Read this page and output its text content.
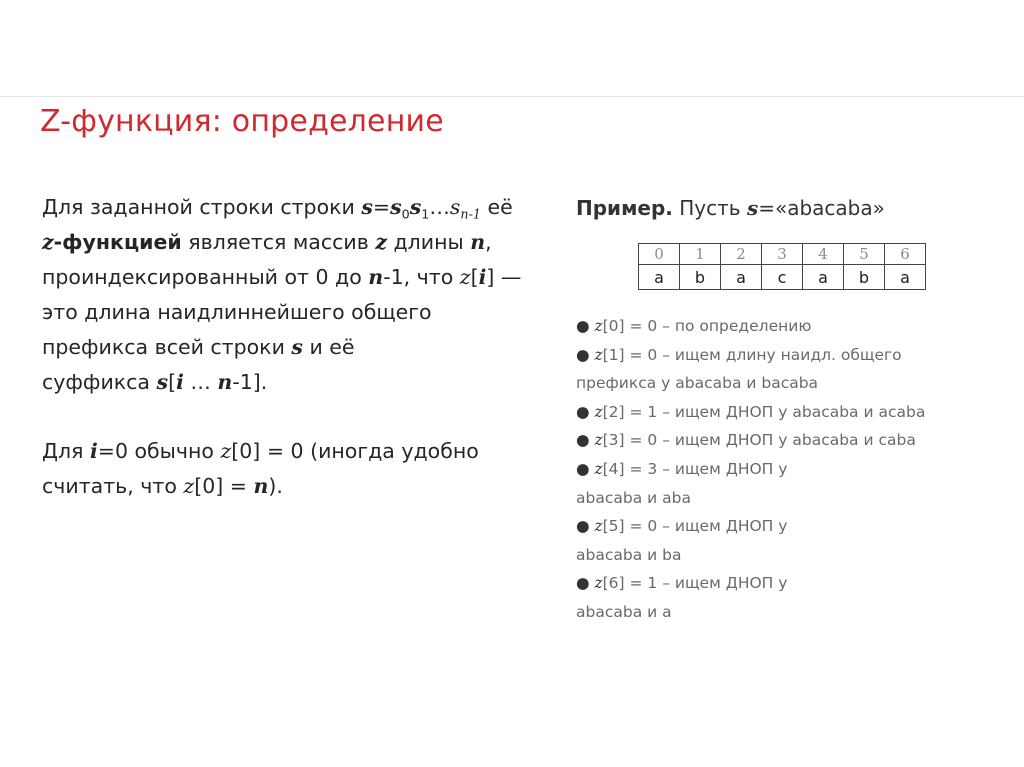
Z-функция: определение

Для заданной строки строки $s=s_0s_1\dots s_{n-1}$ её
z-функцией является массив z длины n,
проиндексированный от 0 до n-1, что z[i] —
это длина наидлиннейшего общего
префикса всей строки s и её
суффикса s[i … n-1].

Для i=0 обычно z[0] = 0 (иногда удобно
считать, что z[0] = n).

Пример. Пусть s=«abacaba»

0	1	2	3	4	5	6
a	b	a	c	a	b	a
● z[0] = 0 – по определению
● z[1] = 0 – ищем длину наидл. общего
префикса у abacaba и bacaba
● z[2] = 1 – ищем ДНОП у abacaba и acaba
● z[3] = 0 – ищем ДНОП у abacaba и caba
● z[4] = 3 – ищем ДНОП у
abacaba и aba
● z[5] = 0 – ищем ДНОП у
abacaba и ba
● z[6] = 1 – ищем ДНОП у
abacaba и a
